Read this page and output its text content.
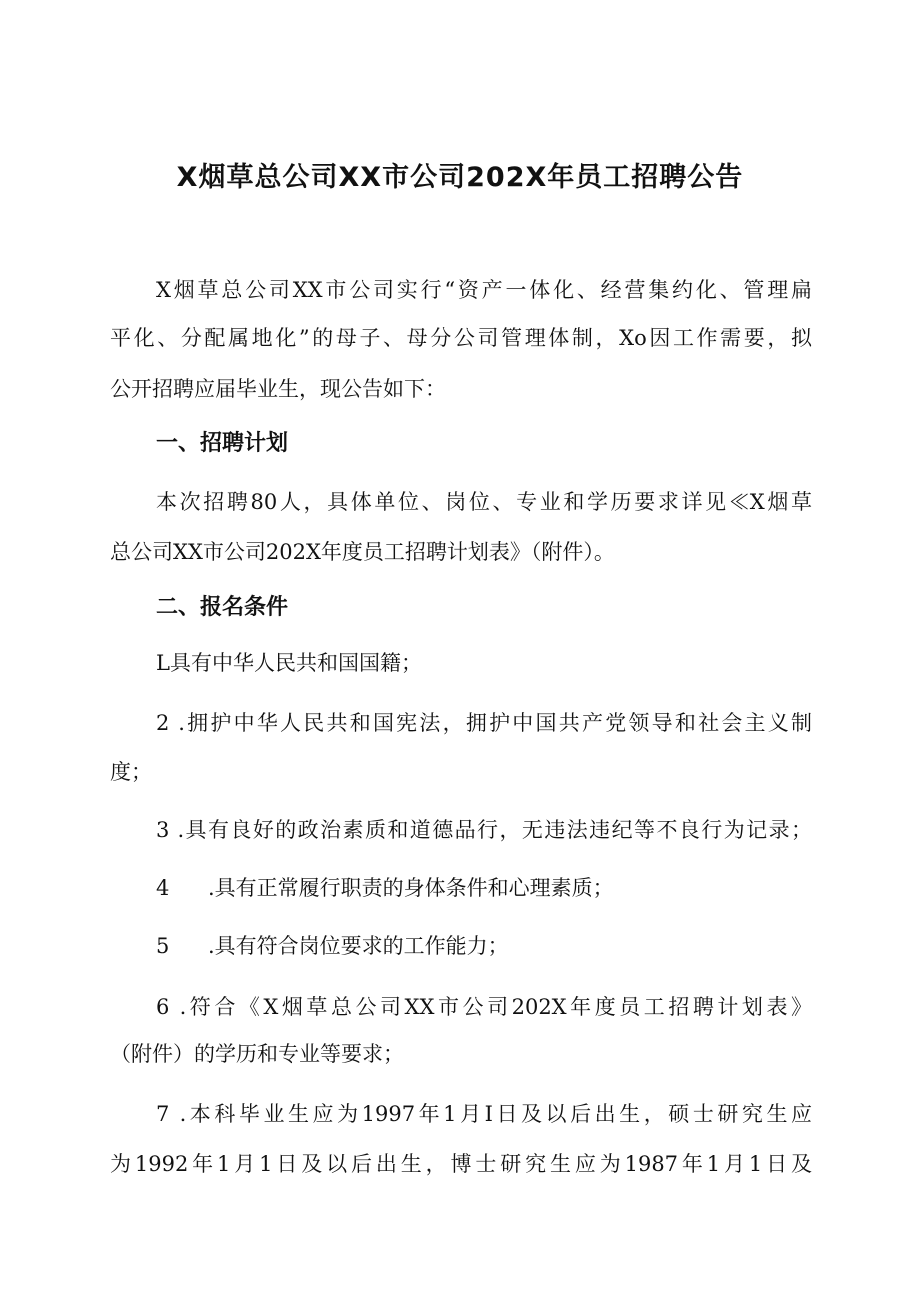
X烟草总公司XX市公司202X年员工招聘公告
X烟草总公司XX市公司实行“资产一体化、经营集约化、管理扁
平化、分配属地化”的母子、母分公司管理体制，Xo因工作需要，拟
公开招聘应届毕业生，现公告如下：
一、招聘计划
本次招聘80人，具体单位、岗位、专业和学历要求详见≪X烟草
总公司XX市公司202X年度员工招聘计划表》（附件）。
二、报名条件
L具有中华人民共和国国籍；
2 .拥护中华人民共和国宪法，拥护中国共产党领导和社会主义制
度；
3 .具有良好的政治素质和道德品行，无违法违纪等不良行为记录；
4 .具有正常履行职责的身体条件和心理素质；
5 .具有符合岗位要求的工作能力；
6 .符合《X烟草总公司XX市公司202X年度员工招聘计划表》
（附件）的学历和专业等要求；
7 .本科毕业生应为1997年1月I日及以后出生，硕士研究生应
为1992年1月1日及以后出生，博士研究生应为1987年1月1日及
